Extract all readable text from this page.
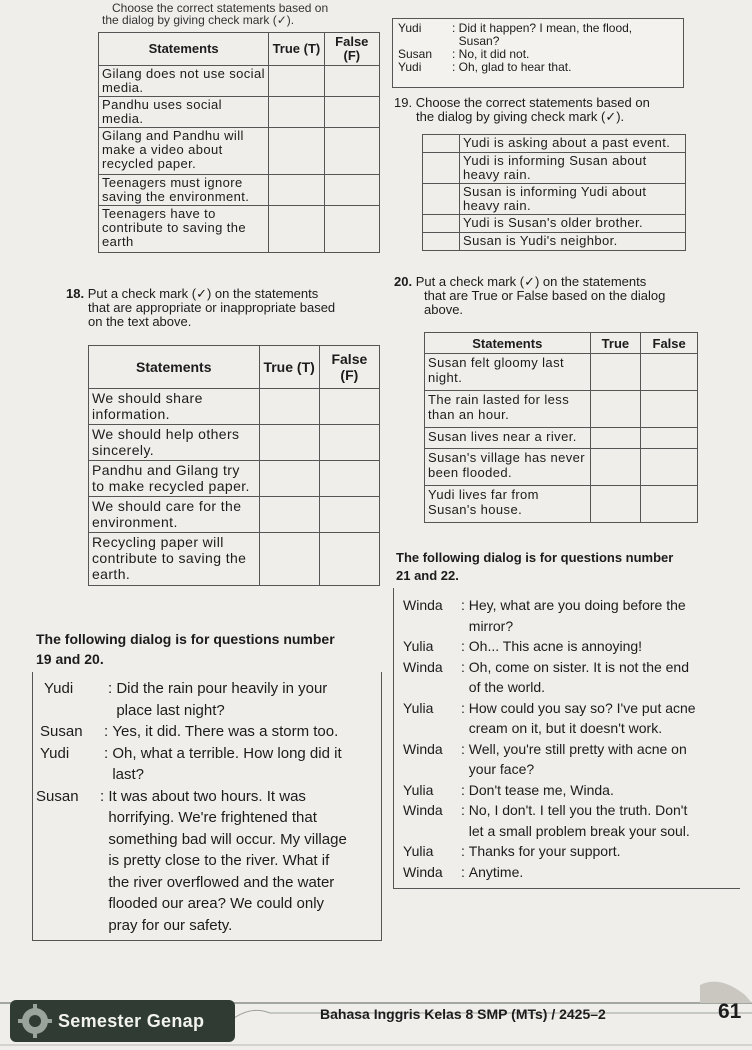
Choose the correct statements based on
the dialog by giving check mark (✓).
Statements	True (T)	False (F)
Gilang does not use social media.		
Pandhu uses social media.		
Gilang and Pandhu will make a video about recycled paper.		
Teenagers must ignore saving the environment.		
Teenagers have to contribute to saving the earth		
Yudi	: Did it happen? I mean, the flood,
Susan?
Susan	: No, it did not.
Yudi	: Oh, glad to hear that.
19. Choose the correct statements based on
the dialog by giving check mark (✓).
	Yudi is asking about a past event.
	Yudi is informing Susan about heavy rain.
	Susan is informing Yudi about heavy rain.
	Yudi is Susan's older brother.
	Susan is Yudi's neighbor.
18. Put a check mark (✓) on the statements
that are appropriate or inappropriate based
on the text above.
Statements	True (T)	False (F)
We should share information.		
We should help others sincerely.		
Pandhu and Gilang try to make recycled paper.		
We should care for the environment.		
Recycling paper will contribute to saving the earth.		
20. Put a check mark (✓) on the statements
that are True or False based on the dialog
above.
Statements	True	False
Susan felt gloomy last night.		
The rain lasted for less than an hour.		
Susan lives near a river.		
Susan's village has never been flooded.		
Yudi lives far from Susan's house.		
The following dialog is for questions number
21 and 22.
Winda	: Hey, what are you doing before the
mirror?
Yulia	: Oh... This acne is annoying!
Winda	: Oh, come on sister. It is not the end
of the world.
Yulia	: How could you say so? I've put acne
cream on it, but it doesn't work.
Winda	: Well, you're still pretty with acne on
your face?
Yulia	: Don't tease me, Winda.
Winda	: No, I don't. I tell you the truth. Don't
let a small problem break your soul.
Yulia	: Thanks for your support.
Winda	: Anytime.
The following dialog is for questions number
19 and 20.
Yudi	: Did the rain pour heavily in your
place last night?
Susan	: Yes, it did. There was a storm too.
Yudi	: Oh, what a terrible. How long did it
last?
Susan	: It was about two hours. It was
horrifying. We're frightened that
something bad will occur. My village
is pretty close to the river. What if
the river overflowed and the water
flooded our area? We could only
pray for our safety.
Semester Genap	Bahasa Inggris Kelas 8 SMP (MTs) / 2425–2	61
